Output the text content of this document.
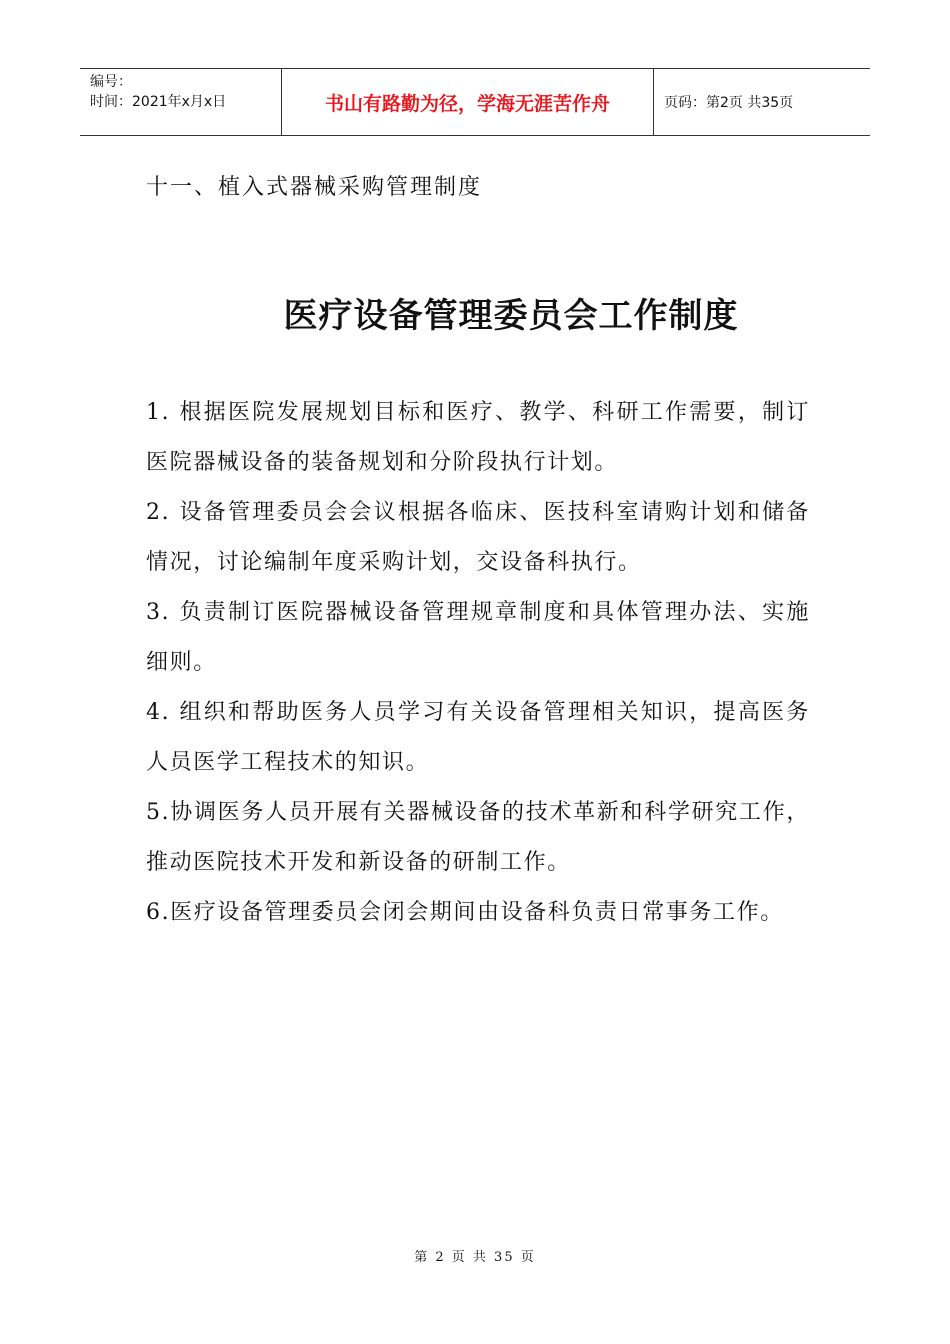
编号：
时间：2021年x月x日	书山有路勤为径，学海无涯苦作舟	页码：第2页 共35页
十一、植入式器械采购管理制度
医疗设备管理委员会工作制度

1. 根据医院发展规划目标和医疗、教学、科研工作需要，制订医院器械设备的装备规划和分阶段执行计划。

2. 设备管理委员会会议根据各临床、医技科室请购计划和储备情况，讨论编制年度采购计划，交设备科执行。

3. 负责制订医院器械设备管理规章制度和具体管理办法、实施细则。

4. 组织和帮助医务人员学习有关设备管理相关知识，提高医务人员医学工程技术的知识。

5.协调医务人员开展有关器械设备的技术革新和科学研究工作，推动医院技术开发和新设备的研制工作。

6.医疗设备管理委员会闭会期间由设备科负责日常事务工作。

第 2 页 共 35 页
